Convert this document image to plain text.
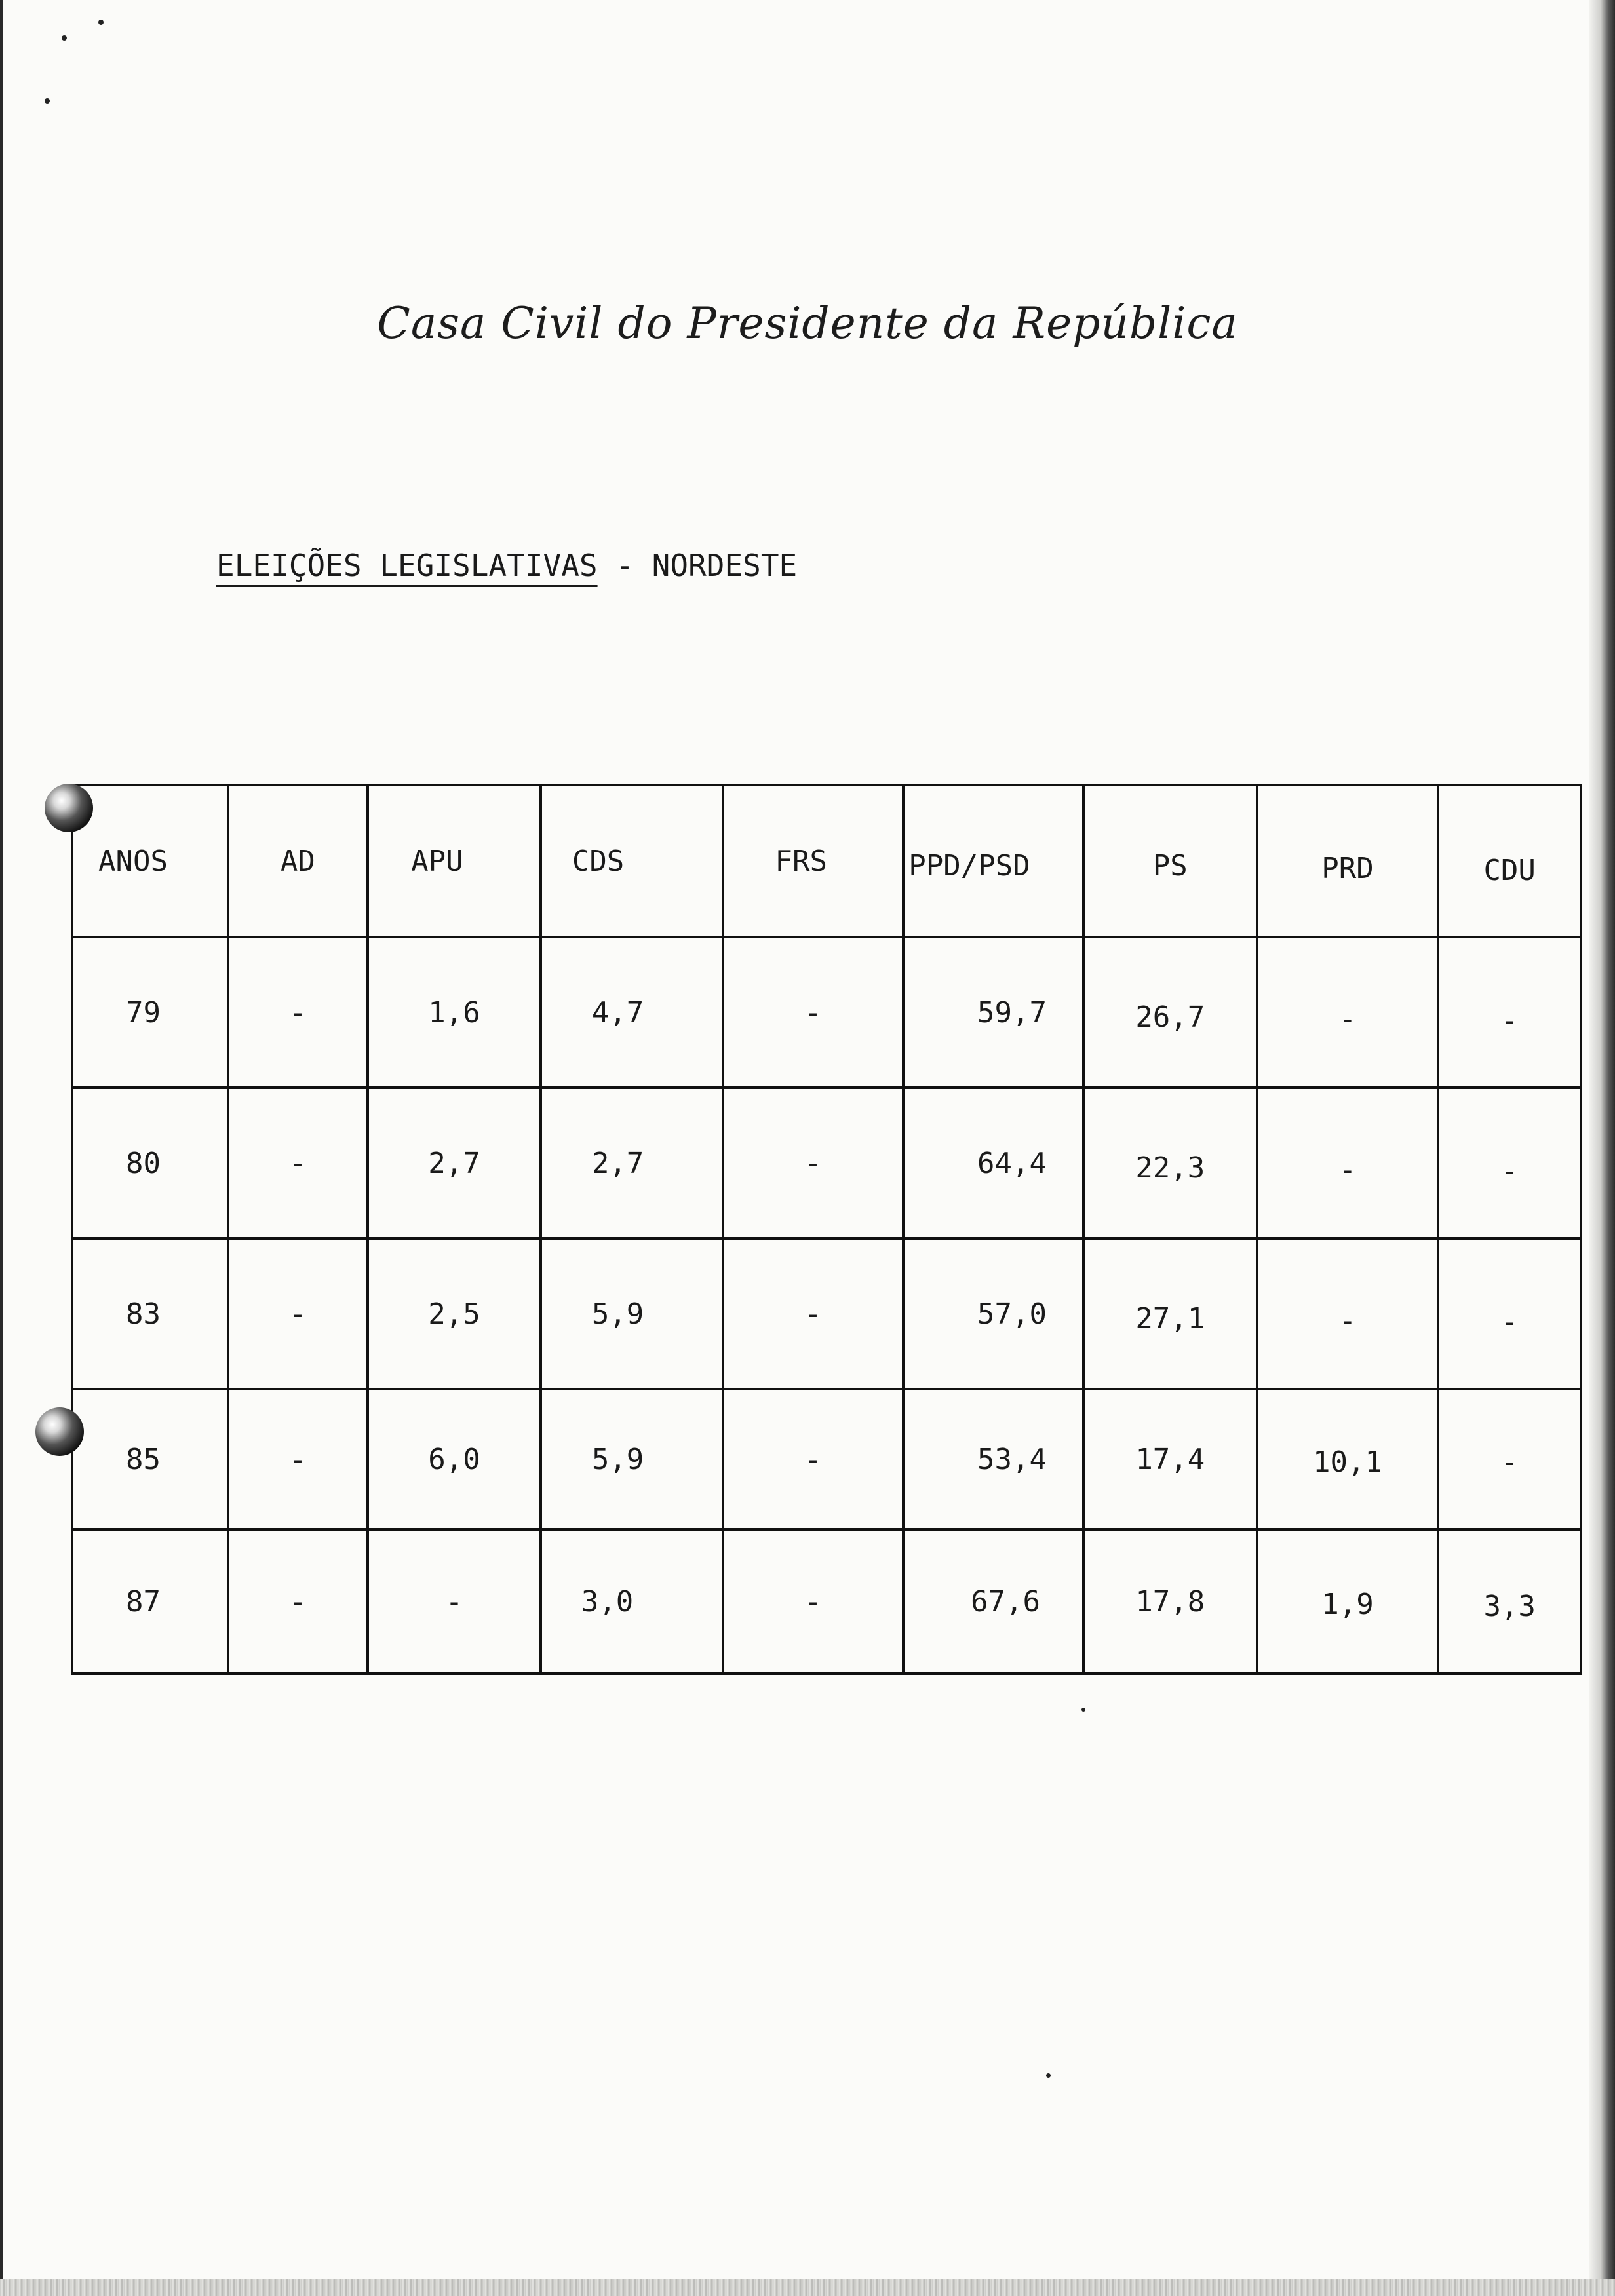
Casa Civil do Presidente da República
ELEIÇÕES LEGISLATIVAS - NORDESTE
ANOS	AD	APU	CDS	FRS	PPD/PSD	PS	PRD	CDU
79	-	1,6	4,7	-	59,7	26,7	-	-
80	-	2,7	2,7	-	64,4	22,3	-	-
83	-	2,5	5,9	-	57,0	27,1	-	-
85	-	6,0	5,9	-	53,4	17,4	10,1	-
87	-	-	3,0	-	67,6	17,8	1,9	3,3
